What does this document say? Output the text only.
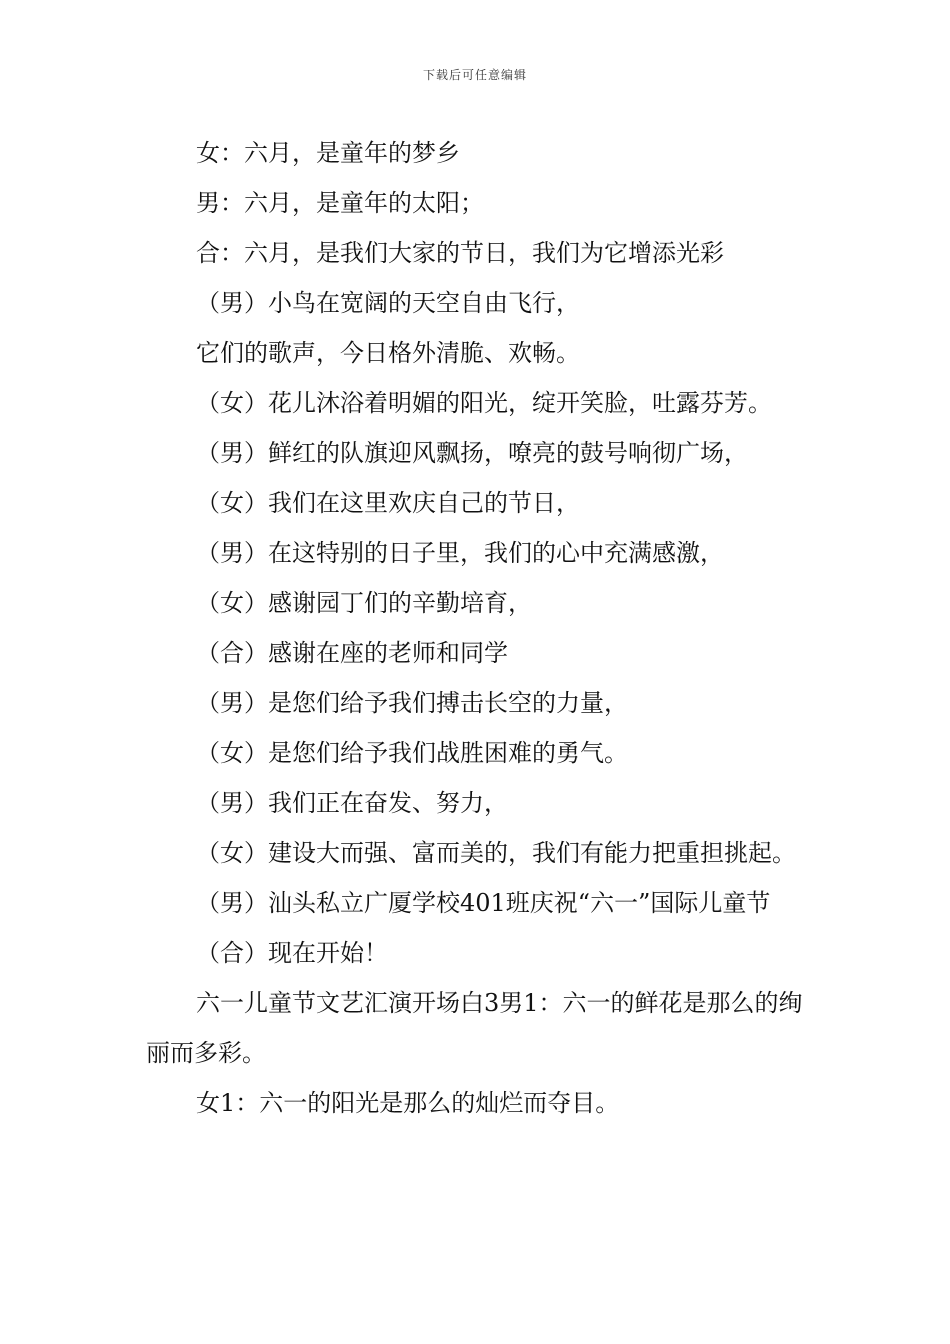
下载后可任意编辑

女：六月，是童年的梦乡

男：六月，是童年的太阳；

合：六月，是我们大家的节日，我们为它增添光彩

（男）小鸟在宽阔的天空自由飞行，

它们的歌声，今日格外清脆、欢畅。

（女）花儿沐浴着明媚的阳光，绽开笑脸，吐露芬芳。

（男）鲜红的队旗迎风飘扬，嘹亮的鼓号响彻广场，

（女）我们在这里欢庆自己的节日，

（男）在这特别的日子里，我们的心中充满感激，

（女）感谢园丁们的辛勤培育，

（合）感谢在座的老师和同学

（男）是您们给予我们搏击长空的力量，

（女）是您们给予我们战胜困难的勇气。

（男）我们正在奋发、努力，

（女）建设大而强、富而美的，我们有能力把重担挑起。

（男）汕头私立广厦学校401班庆祝“六一”国际儿童节

（合）现在开始！

六一儿童节文艺汇演开场白3男1：六一的鲜花是那么的绚丽而多彩。

女1：六一的阳光是那么的灿烂而夺目。
